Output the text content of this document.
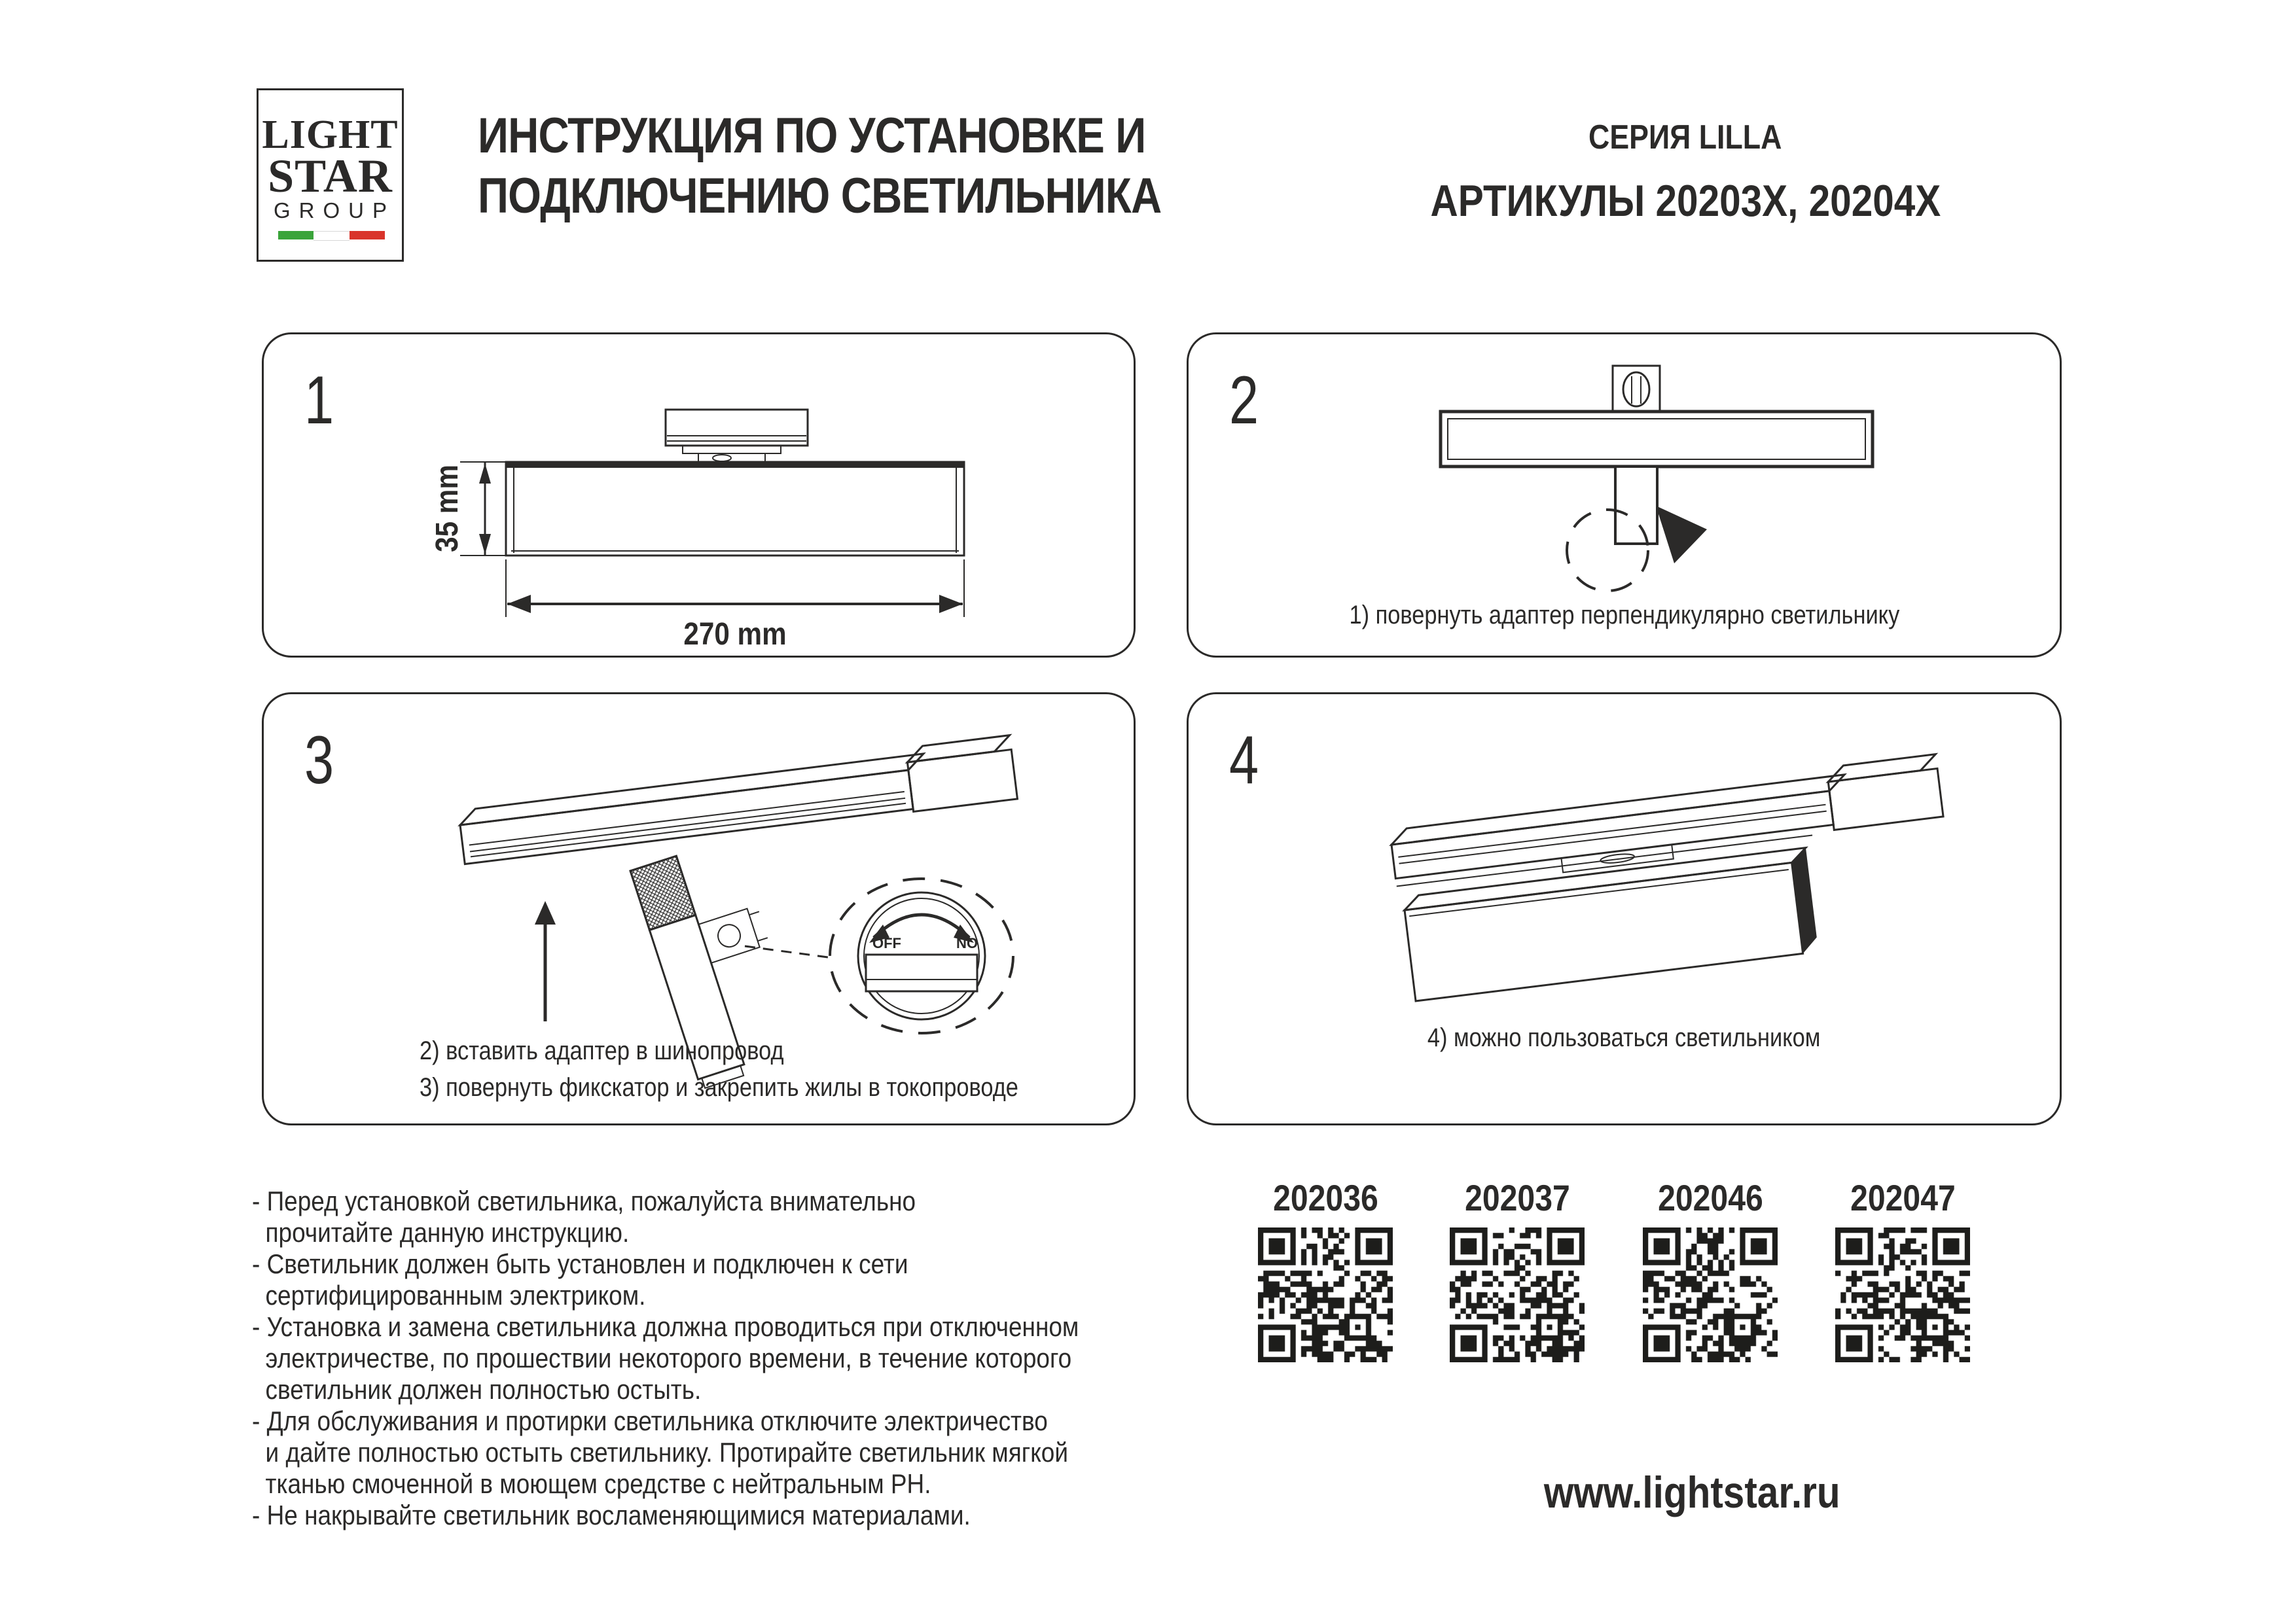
LIGHT
STAR
GROUP
ИНСТРУКЦИЯ ПО УСТАНОВКЕ И
ПОДКЛЮЧЕНИЮ СВЕТИЛЬНИКА
СЕРИЯ LILLA
АРТИКУЛЫ 20203X, 20204X
1
35 mm
270 mm
2
1) повернуть адаптер перпендикулярно светильнику
3
OFF	NO
2) вставить адаптер в шинопровод
3) повернуть фикскатор и закрепить жилы в токопроводе
4
4) можно пользоваться светильником
- Перед установкой светильника, пожалуйста внимательно
прочитайте данную инструкцию.
- Светильник должен быть установлен и подключен к сети
сертифицированным электриком.
- Установка и замена светильника должна проводиться при отключенном
электричестве, по прошествии некоторого времени, в течение которого
светильник должен полностью остыть.
- Для обслуживания и протирки светильника отключите электричество
и дайте полностью остыть светильнику. Протирайте светильник мягкой
тканью смоченной в моющем средстве с нейтральным PH.
- Не накрывайте светильник восламеняющимися материалами.
202036	202037	202046	202047
www.lightstar.ru
